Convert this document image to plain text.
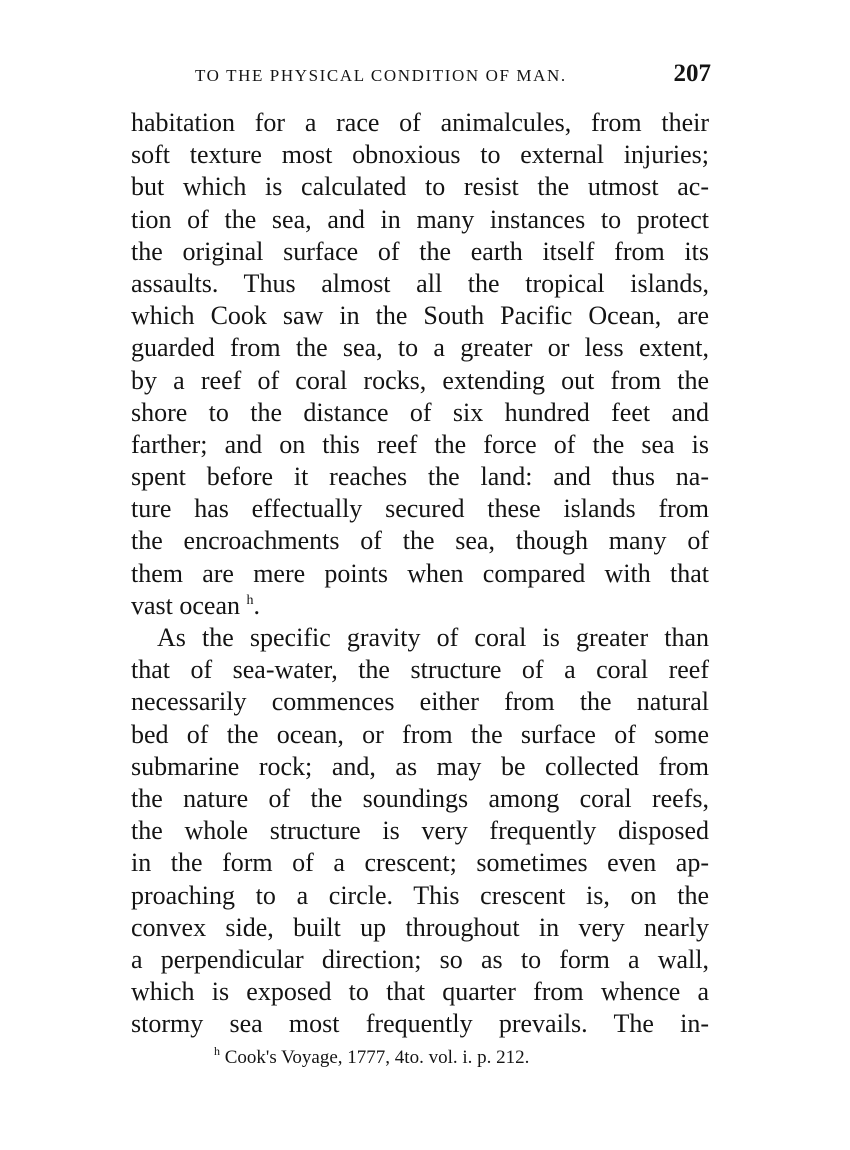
TO THE PHYSICAL CONDITION OF MAN.	207
habitation for a race of animalcules, from their
soft texture most obnoxious to external injuries;
but which is calculated to resist the utmost ac-
tion of the sea, and in many instances to protect
the original surface of the earth itself from its
assaults. Thus almost all the tropical islands,
which Cook saw in the South Pacific Ocean, are
guarded from the sea, to a greater or less extent,
by a reef of coral rocks, extending out from the
shore to the distance of six hundred feet and
farther; and on this reef the force of the sea is
spent before it reaches the land: and thus na-
ture has effectually secured these islands from
the encroachments of the sea, though many of
them are mere points when compared with that
vast ocean $^h$.
As the specific gravity of coral is greater than
that of sea-water, the structure of a coral reef
necessarily commences either from the natural
bed of the ocean, or from the surface of some
submarine rock; and, as may be collected from
the nature of the soundings among coral reefs,
the whole structure is very frequently disposed
in the form of a crescent; sometimes even ap-
proaching to a circle. This crescent is, on the
convex side, built up throughout in very nearly
a perpendicular direction; so as to form a wall,
which is exposed to that quarter from whence a
stormy sea most frequently prevails. The in-
$^h$ Cook's Voyage, 1777, 4to. vol. i. p. 212.
